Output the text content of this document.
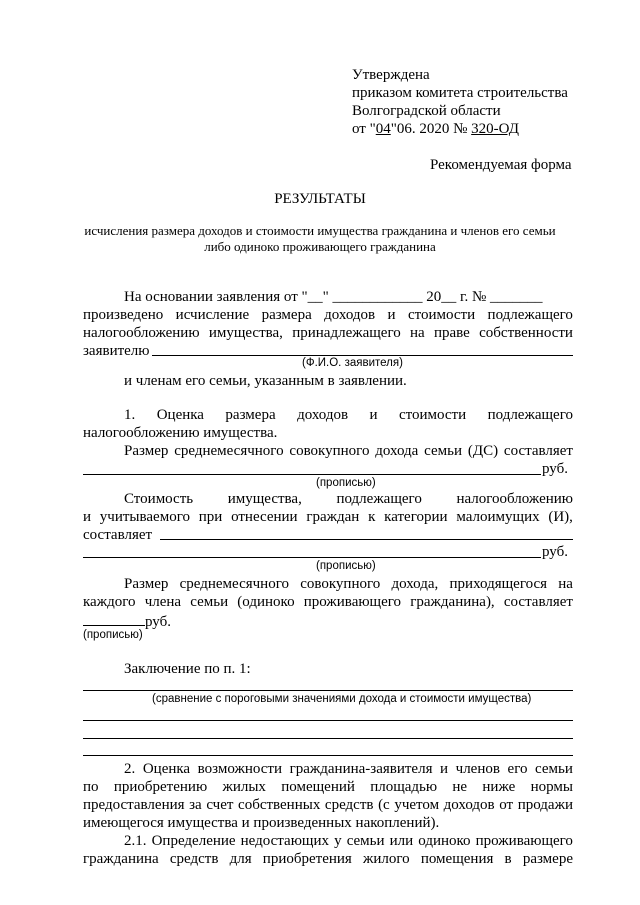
Утверждена
приказом комитета строительства
Волгоградской области
от "04"06. 2020 № 320-ОД
Рекомендуемая форма
РЕЗУЛЬТАТЫ
исчисления размера доходов и стоимости имущества гражданина и членов его семьи
либо одиноко проживающего гражданина
На основании заявления от "__" ____________ 20__ г. № _______
произведено исчисление размера доходов и стоимости подлежащего
налогообложению имущества, принадлежащего на праве собственности
заявителю
(Ф.И.О. заявителя)
и членам его семьи, указанным в заявлении.
1. Оценка размера доходов и стоимости подлежащего
налогообложению имущества.
Размер среднемесячного совокупного дохода семьи (ДС) составляет
руб.
(прописью)
Стоимость имущества, подлежащего налогообложению
и учитываемого при отнесении граждан к категории малоимущих (И),
составляет
руб.
(прописью)
Размер среднемесячного совокупного дохода, приходящегося на
каждого члена семьи (одиноко проживающего гражданина), составляет
руб.
(прописью)
Заключение по п. 1:
(сравнение с пороговыми значениями дохода и стоимости имущества)
2. Оценка возможности гражданина-заявителя и членов его семьи
по приобретению жилых помещений площадью не ниже нормы
предоставления за счет собственных средств (с учетом доходов от продажи
имеющегося имущества и произведенных накоплений).
2.1. Определение недостающих у семьи или одиноко проживающего
гражданина средств для приобретения жилого помещения в размере
